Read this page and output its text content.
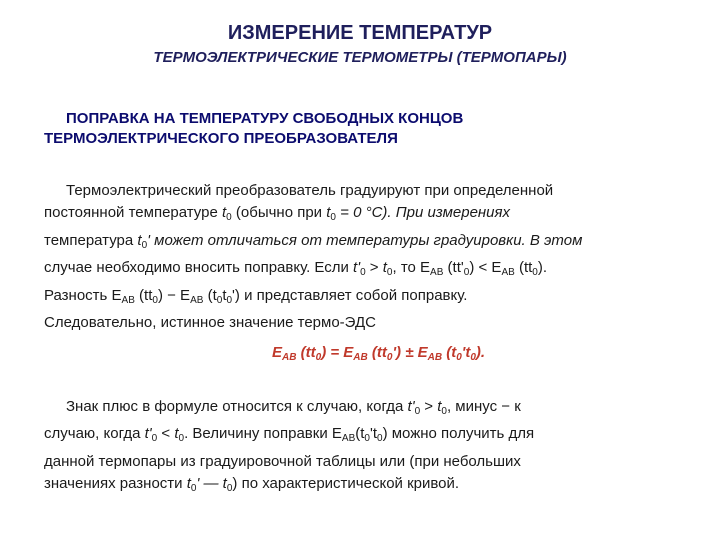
ИЗМЕРЕНИЕ ТЕМПЕРАТУР
ТЕРМОЭЛЕКТРИЧЕСКИЕ ТЕРМОМЕТРЫ (ТЕРМОПАРЫ)
ПОПРАВКА НА ТЕМПЕРАТУРУ СВОБОДНЫХ КОНЦОВ
ТЕРМОЭЛЕКТРИЧЕСКОГО ПРЕОБРАЗОВАТЕЛЯ
Термоэлектрический преобразователь градуируют при определенной
постоянной температуре $t_0$ (обычно при $t_0 = 0$ °С). При измерениях
температура $t_0'$ может отличаться от температуры градуировки. В этом
случае необходимо вносить поправку. Если $t'_0 > t_0$, то $E_{AB}$ $(tt'_0) < E_{AB}$ $(tt_0)$.
Разность $E_{AB}$ $(tt_0) - E_{AB}$ $(t_0t_0')$ и представляет собой поправку.
Следовательно, истинное значение термо-ЭДС
$E_{AB}$ $(tt_0) = E_{AB}$ $(tt_0') \pm E_{AB}$ $(t_0't_0)$.
Знак плюс в формуле относится к случаю, когда $t'_0 > t_0$, минус − к
случаю, когда $t'_0 < t_0$. Величину поправки $E_{AB}(t_0't_0)$ можно получить для
данной термопары из градуировочной таблицы или (при небольших
значениях разности $t_0'$ — $t_0$) по характеристической кривой.
